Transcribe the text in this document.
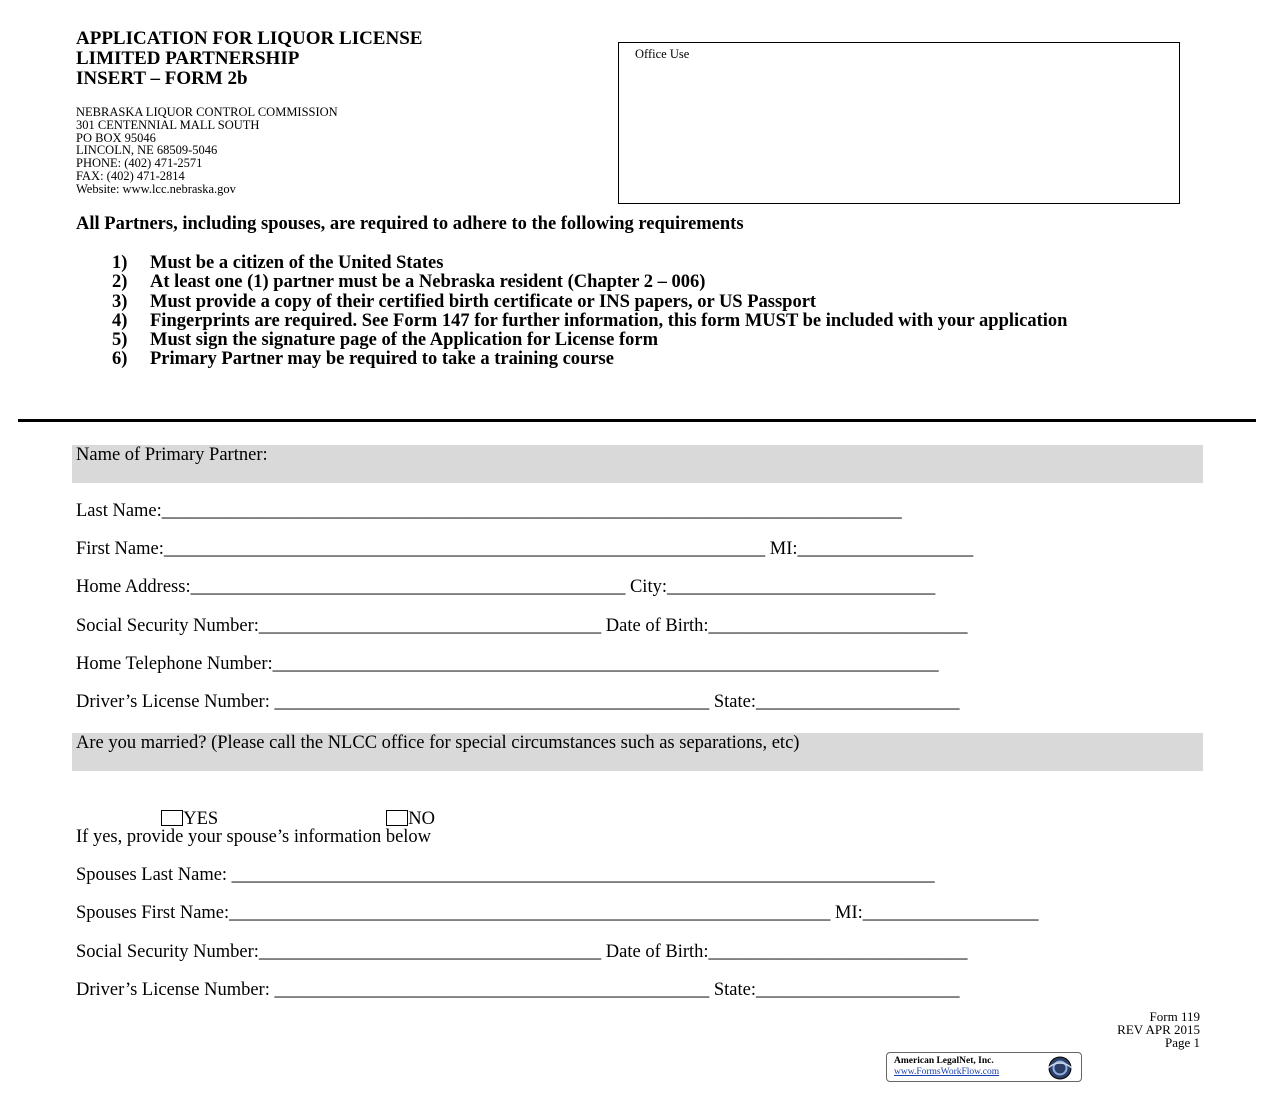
APPLICATION FOR LIQUOR LICENSE
LIMITED PARTNERSHIP
INSERT – FORM 2b
NEBRASKA LIQUOR CONTROL COMMISSION
301 CENTENNIAL MALL SOUTH
PO BOX 95046
LINCOLN, NE 68509-5046
PHONE: (402) 471-2571
FAX: (402) 471-2814
Website: www.lcc.nebraska.gov
Office Use
All Partners, including spouses, are required to adhere to the following requirements
1)	Must be a citizen of the United States
2)	At least one (1) partner must be a Nebraska resident (Chapter 2 – 006)
3)	Must provide a copy of their certified birth certificate or INS papers, or US Passport
4)	Fingerprints are required. See Form 147 for further information, this form MUST be included with your application
5)	Must sign the signature page of the Application for License form
6)	Primary Partner may be required to take a training course
Name of Primary Partner:
Last Name:________________________________________________________________________________
First Name:_________________________________________________________________ MI:___________________
Home Address:_______________________________________________ City:_____________________________
Social Security Number:_____________________________________ Date of Birth:____________________________
Home Telephone Number:________________________________________________________________________
Driver’s License Number: _______________________________________________ State:______________________
Are you married? (Please call the NLCC office for special circumstances such as separations, etc)

YES	NO

If yes, provide your spouse’s information below
Spouses Last Name: ____________________________________________________________________________
Spouses First Name:_________________________________________________________________ MI:___________________
Social Security Number:_____________________________________ Date of Birth:____________________________
Driver’s License Number: _______________________________________________ State:______________________
Form 119
REV APR 2015
Page 1
American LegalNet, Inc.
www.FormsWorkFlow.com
